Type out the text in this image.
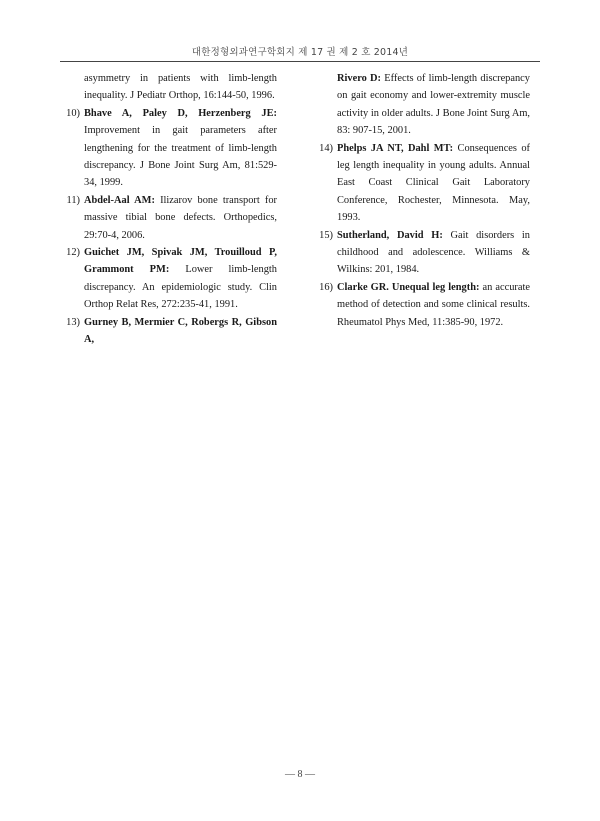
대한정형외과연구학회지 제 17 권 제 2 호 2014년
asymmetry in patients with limb-length inequality. J Pediatr Orthop, 16:144-50, 1996.
10) Bhave A, Paley D, Herzenberg JE: Improvement in gait parameters after lengthening for the treatment of limb-length discrepancy. J Bone Joint Surg Am, 81:529-34, 1999.
11) Abdel-Aal AM: Ilizarov bone transport for massive tibial bone defects. Orthopedics, 29:70-4, 2006.
12) Guichet JM, Spivak JM, Trouilloud P, Grammont PM: Lower limb-length discrepancy. An epidemiologic study. Clin Orthop Relat Res, 272:235-41, 1991.
13) Gurney B, Mermier C, Robergs R, Gibson A,
Rivero D: Effects of limb-length discrepancy on gait economy and lower-extremity muscle activity in older adults. J Bone Joint Surg Am, 83: 907-15, 2001.
14) Phelps JA NT, Dahl MT: Consequences of leg length inequality in young adults. Annual East Coast Clinical Gait Laboratory Conference, Rochester, Minnesota. May, 1993.
15) Sutherland, David H: Gait disorders in childhood and adolescence. Williams & Wilkins: 201, 1984.
16) Clarke GR. Unequal leg length: an accurate method of detection and some clinical results. Rheumatol Phys Med, 11:385-90, 1972.
— 8 —
